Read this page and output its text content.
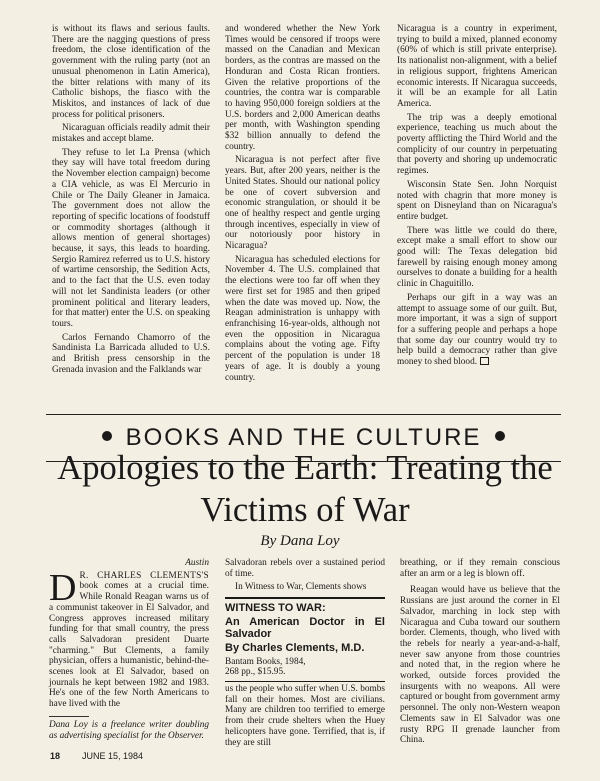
is without its flaws and serious faults. There are the nagging questions of press freedom, the close identification of the government with the ruling party (not an unusual phenomenon in Latin America), the bitter relations with many of its Catholic bishops, the fiasco with the Miskitos, and instances of lack of due process for political prisoners.

Nicaraguan officials readily admit their mistakes and accept blame.

They refuse to let La Prensa (which they say will have total freedom during the November election campaign) become a CIA vehicle, as was El Mercurio in Chile or The Daily Gleaner in Jamaica. The government does not allow the reporting of specific locations of foodstuff or commodity shortages (although it allows mention of general shortages) because, it says, this leads to hoarding. Sergio Ramirez referred us to U.S. history of wartime censorship, the Sedition Acts, and to the fact that the U.S. even today will not let Sandinista leaders (or other prominent political and literary leaders, for that matter) enter the U.S. on speaking tours.

Carlos Fernando Chamorro of the Sandinista La Barricada alluded to U.S. and British press censorship in the Grenada invasion and the Falklands war

and wondered whether the New York Times would be censored if troops were massed on the Canadian and Mexican borders, as the contras are massed on the Honduran and Costa Rican frontiers. Given the relative proportions of the countries, the contra war is comparable to having 950,000 foreign soldiers at the U.S. borders and 2,000 American deaths per month, with Washington spending $32 billion annually to defend the country.

Nicaragua is not perfect after five years. But, after 200 years, neither is the United States. Should our national policy be one of covert subversion and economic strangulation, or should it be one of healthy respect and gentle urging through incentives, especially in view of our notoriously poor history in Nicaragua?

Nicaragua has scheduled elections for November 4. The U.S. complained that the elections were too far off when they were first set for 1985 and then griped when the date was moved up. Now, the Reagan administration is unhappy with enfranchising 16-year-olds, although not even the opposition in Nicaragua complains about the voting age. Fifty percent of the population is under 18 years of age. It is doubly a young country.

Nicaragua is a country in experiment, trying to build a mixed, planned economy (60% of which is still private enterprise). Its nationalist non-alignment, with a belief in religious support, frightens American economic interests. If Nicaragua succeeds, it will be an example for all Latin America.

The trip was a deeply emotional experience, teaching us much about the poverty afflicting the Third World and the complicity of our country in perpetuating that poverty and shoring up undemocratic regimes.

Wisconsin State Sen. John Norquist noted with chagrin that more money is spent on Disneyland than on Nicaragua's entire budget.

There was little we could do there, except make a small effort to show our good will: The Texas delegation bid farewell by raising enough money among ourselves to donate a building for a health clinic in Chaguitillo.

Perhaps our gift in a way was an attempt to assuage some of our guilt. But, more important, it was a sign of support for a suffering people and perhaps a hope that some day our country would try to help build a democracy rather than give money to shed blood.

BOOKS AND THE CULTURE
Apologies to the Earth: Treating the
Victims of War
By Dana Loy

Austin

D R. CHARLES CLEMENTS'S book comes at a crucial time. While Ronald Reagan warns us of a communist takeover in El Salvador, and Congress approves increased military funding for that small country, the press calls Salvadoran president Duarte "charming." But Clements, a family physician, offers a humanistic, behind-the-scenes look at El Salvador, based on journals he kept between 1982 and 1983. He's one of the few North Americans to have lived with the

Dana Loy is a freelance writer doubling as advertising specialist for the Observer.

Salvadoran rebels over a sustained period of time.

In Witness to War, Clements shows

WITNESS TO WAR:
An American Doctor in El Salvador
By Charles Clements, M.D.
Bantam Books, 1984,
268 pp., $15.95.

us the people who suffer when U.S. bombs fall on their homes. Most are civilians. Many are children too terrified to emerge from their crude shelters when the Huey helicopters have gone. Terrified, that is, if they are still

breathing, or if they remain conscious after an arm or a leg is blown off.

Reagan would have us believe that the Russians are just around the corner in El Salvador, marching in lock step with Nicaragua and Cuba toward our southern border. Clements, though, who lived with the rebels for nearly a year-and-a-half, never saw anyone from those countries and noted that, in the region where he worked, outside forces provided the insurgents with no weapons. All were captured or bought from government army personnel. The only non-Western weapon Clements saw in El Salvador was one rusty RPG II grenade launcher from China.

18 JUNE 15, 1984
